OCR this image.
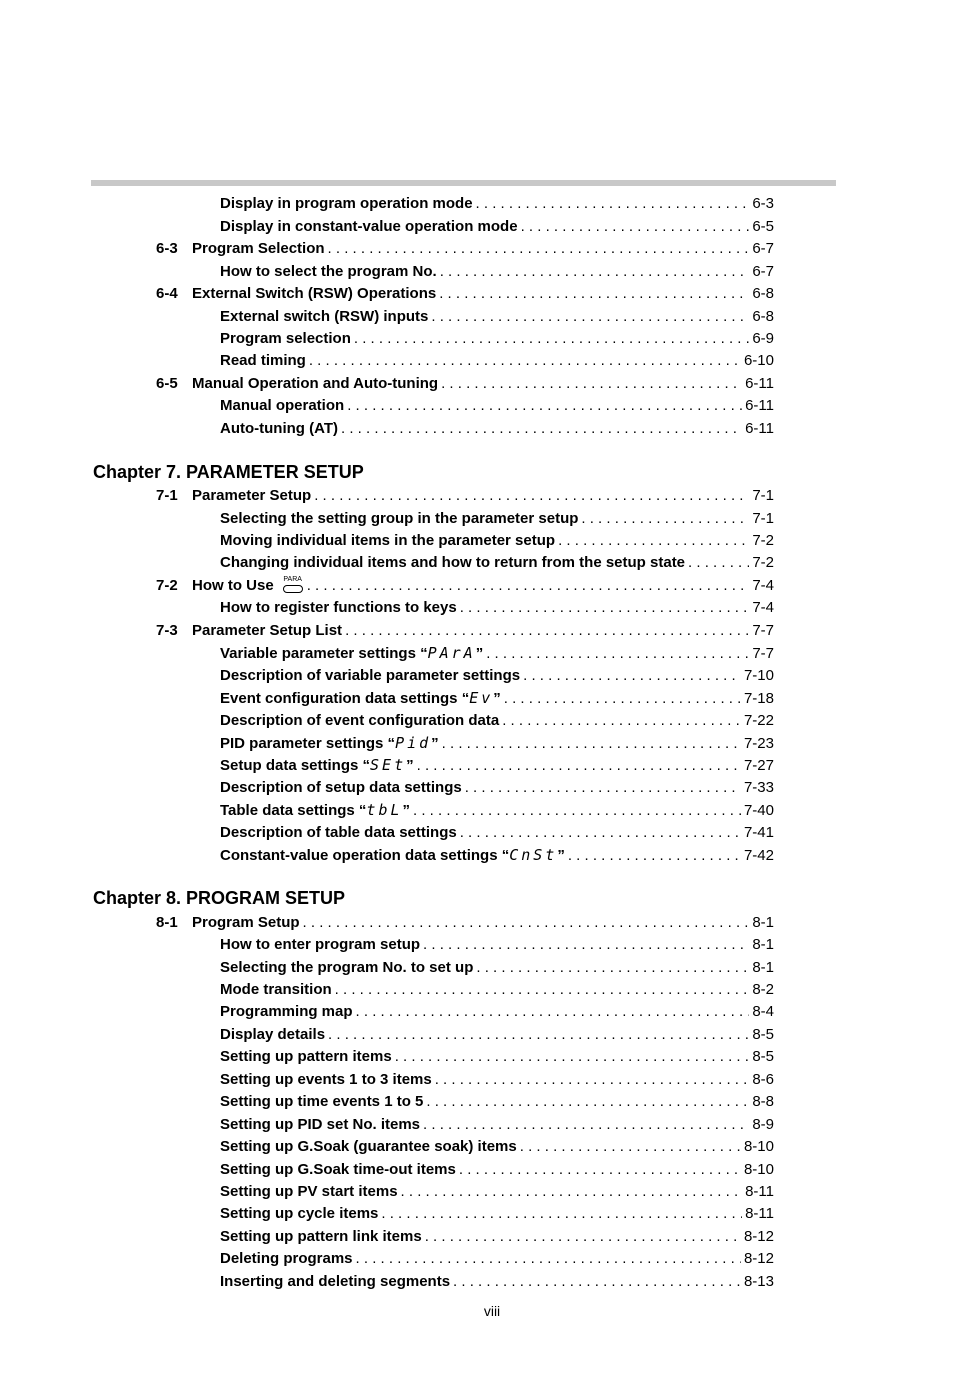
Chapter 7. PARAMETER SETUP
Chapter 8. PROGRAM SETUP
Display in program operation mode . . .	6-3
Display in constant-value operation mode . . .	6-5
6-3 Program Selection . . .	6-7
How to select the program No. . . .	6-7
6-4 External Switch (RSW) Operations . . .	6-8
External switch (RSW) inputs . . .	6-8
Program selection . . .	6-9
Read timing . . .	6-10
6-5 Manual Operation and Auto-tuning . . .	6-11
Manual operation . . .	6-11
Auto-tuning (AT) . . .	6-11
7-1 Parameter Setup . . .	7-1
Selecting the setting group in the parameter setup . . .	7-1
Moving individual items in the parameter setup . . .	7-2
Changing individual items and how to return from the setup state . . .	7-2
7-2 How to Use PARA . . .	7-4
How to register functions to keys . . .	7-4
7-3 Parameter Setup List . . .	7-7
Variable parameter settings “PArA” . . .	7-7
Description of variable parameter settings . . .	7-10
Event configuration data settings “Ev” . . .	7-18
Description of event configuration data . . .	7-22
PID parameter settings “Pid” . . .	7-23
Setup data settings “SEt” . . .	7-27
Description of setup data settings . . .	7-33
Table data settings “tbL” . . .	7-40
Description of table data settings . . .	7-41
Constant-value operation data settings “CnSt” . . .	7-42
8-1 Program Setup . . .	8-1
How to enter program setup . . .	8-1
Selecting the program No. to set up . . .	8-1
Mode transition . . .	8-2
Programming map . . .	8-4
Display details . . .	8-5
Setting up pattern items . . .	8-5
Setting up events 1 to 3 items . . .	8-6
Setting up time events 1 to 5 . . .	8-8
Setting up PID set No. items . . .	8-9
Setting up G.Soak (guarantee soak) items . . .	8-10
Setting up G.Soak time-out items . . .	8-10
Setting up PV start items . . .	8-11
Setting up cycle items . . .	8-11
Setting up pattern link items . . .	8-12
Deleting programs . . .	8-12
Inserting and deleting segments . . .	8-13
viii
